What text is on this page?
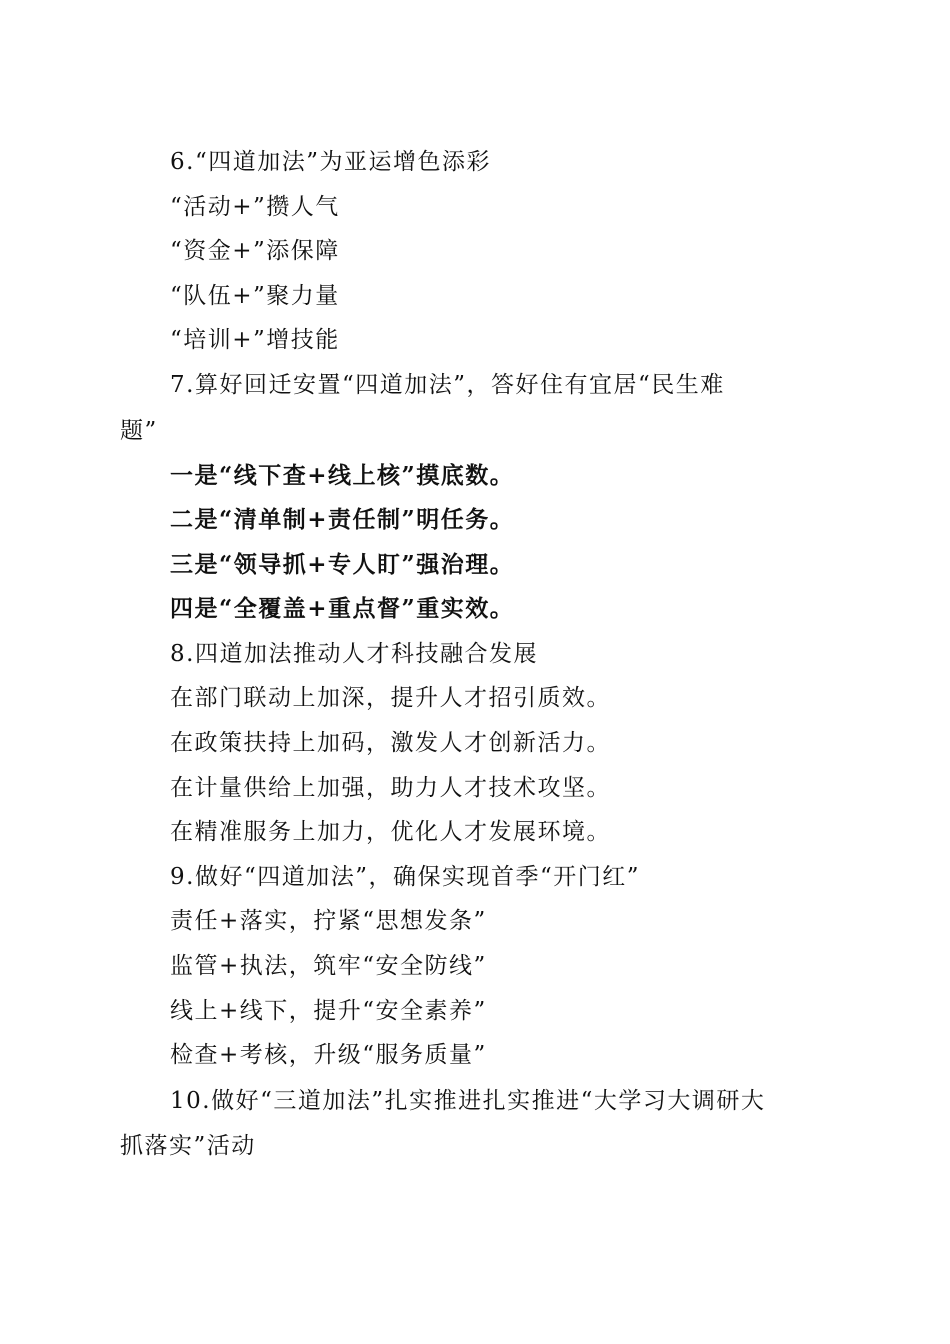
6.“四道加法”为亚运增色添彩
“活动+”攒人气
“资金+”添保障
“队伍+”聚力量
“培训+”增技能
7.算好回迁安置“四道加法”，答好住有宜居“民生难
题”
一是“线下查+线上核”摸底数。
二是“清单制+责任制”明任务。
三是“领导抓+专人盯”强治理。
四是“全覆盖+重点督”重实效。
8.四道加法推动人才科技融合发展
在部门联动上加深，提升人才招引质效。
在政策扶持上加码，激发人才创新活力。
在计量供给上加强，助力人才技术攻坚。
在精准服务上加力，优化人才发展环境。
9.做好“四道加法”，确保实现首季“开门红”
责任+落实，拧紧“思想发条”
监管+执法，筑牢“安全防线”
线上+线下，提升“安全素养”
检查+考核，升级“服务质量”
10.做好“三道加法”扎实推进扎实推进“大学习大调研大
抓落实”活动
